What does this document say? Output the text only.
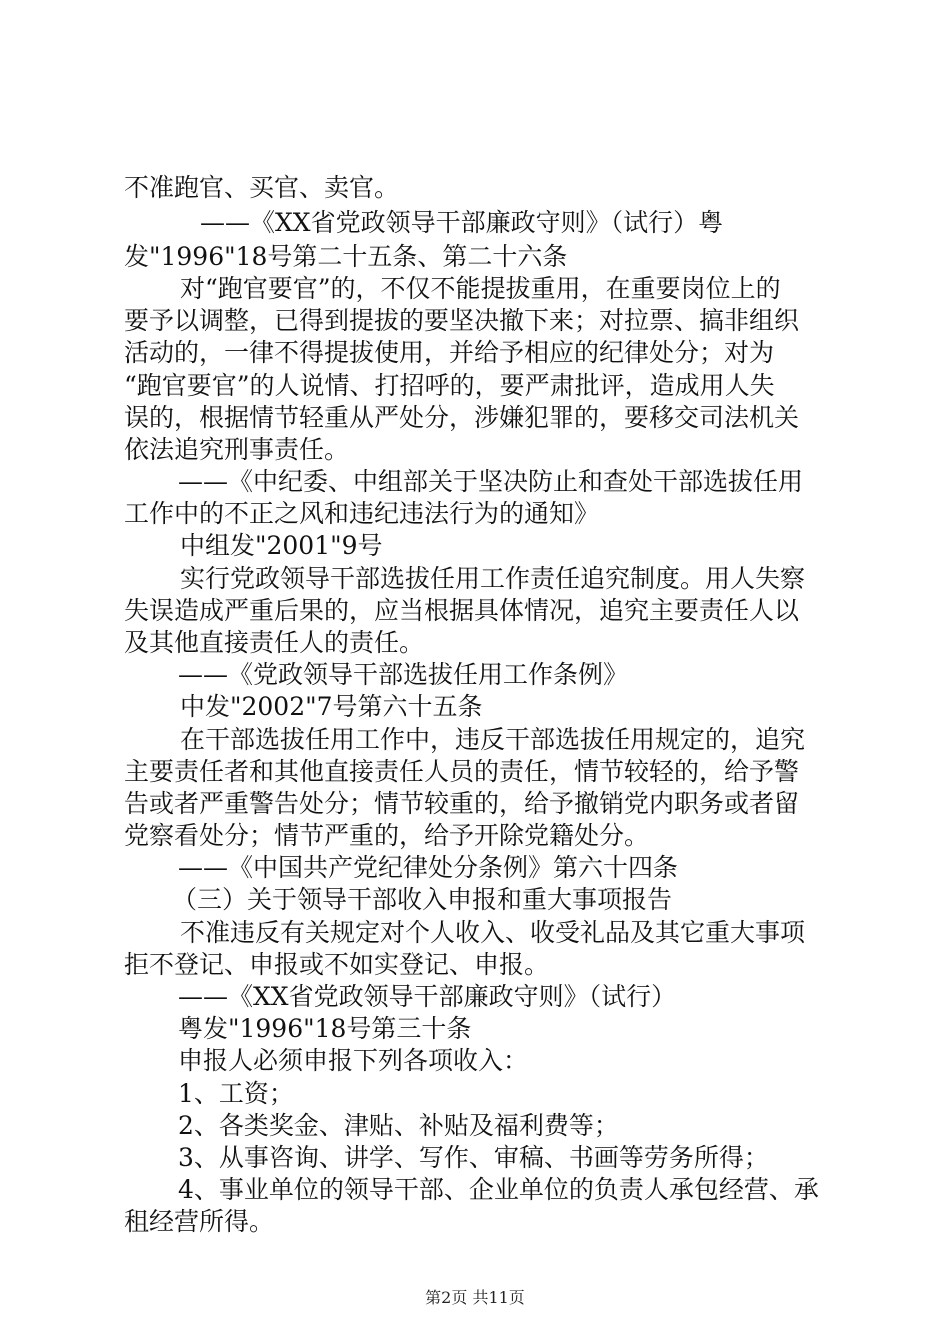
不准跑官、买官、卖官。
——《XX省党政领导干部廉政守则》（试行）粤
发"1996"18号第二十五条、第二十六条
对“跑官要官”的，不仅不能提拔重用，在重要岗位上的
要予以调整，已得到提拔的要坚决撤下来；对拉票、搞非组织
活动的，一律不得提拔使用，并给予相应的纪律处分；对为
“跑官要官”的人说情、打招呼的，要严肃批评，造成用人失
误的，根据情节轻重从严处分，涉嫌犯罪的，要移交司法机关
依法追究刑事责任。
——《中纪委、中组部关于坚决防止和查处干部选拔任用
工作中的不正之风和违纪违法行为的通知》
中组发"2001"9号
实行党政领导干部选拔任用工作责任追究制度。用人失察
失误造成严重后果的，应当根据具体情况，追究主要责任人以
及其他直接责任人的责任。
——《党政领导干部选拔任用工作条例》
中发"2002"7号第六十五条
在干部选拔任用工作中，违反干部选拔任用规定的，追究
主要责任者和其他直接责任人员的责任，情节较轻的，给予警
告或者严重警告处分；情节较重的，给予撤销党内职务或者留
党察看处分；情节严重的，给予开除党籍处分。
——《中国共产党纪律处分条例》第六十四条
（三）关于领导干部收入申报和重大事项报告
不准违反有关规定对个人收入、收受礼品及其它重大事项
拒不登记、申报或不如实登记、申报。
——《XX省党政领导干部廉政守则》（试行）
粤发"1996"18号第三十条
申报人必须申报下列各项收入：
1、工资；
2、各类奖金、津贴、补贴及福利费等；
3、从事咨询、讲学、写作、审稿、书画等劳务所得；
4、事业单位的领导干部、企业单位的负责人承包经营、承
租经营所得。
第2页 共11页
